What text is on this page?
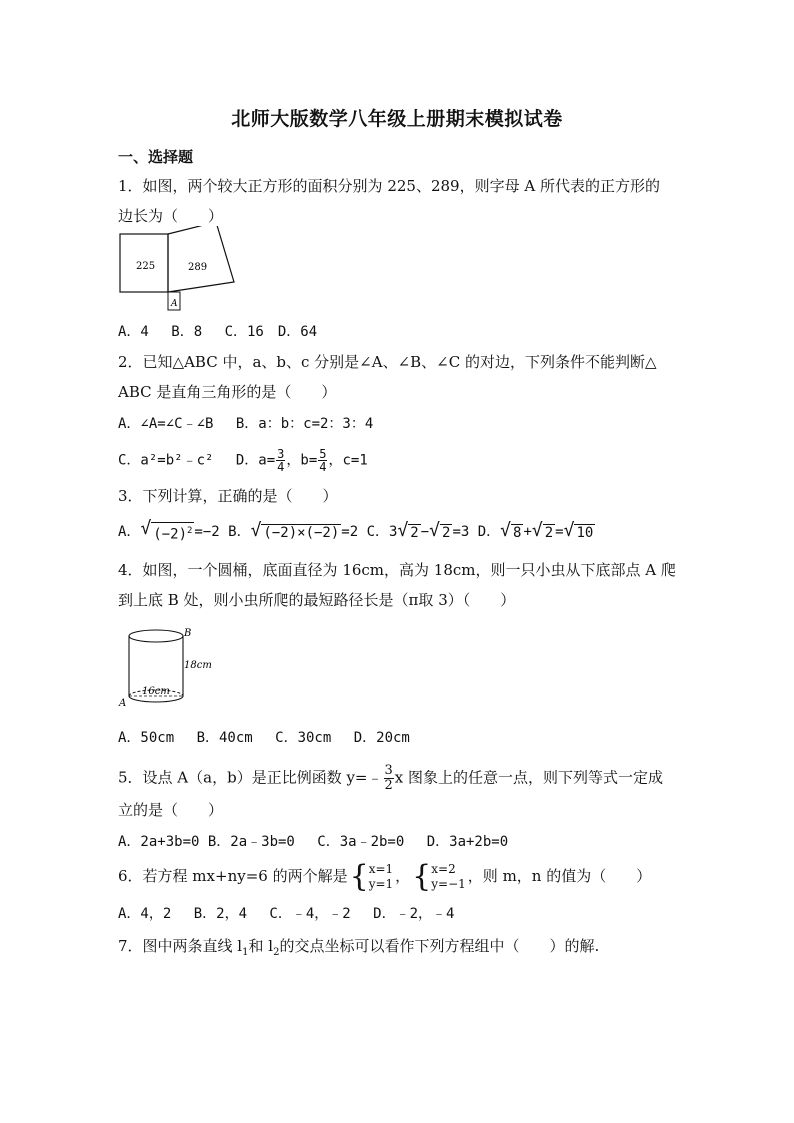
北师大版数学八年级上册期末模拟试卷
一、选择题
1．如图，两个较大正方形的面积分别为 225、289，则字母 A 所代表的正方形的
边长为（　　）
225	289
A
A．4　 B．8　 C．16　D．64
2．已知△ABC 中，a、b、c 分别是∠A、∠B、∠C 的对边，下列条件不能判断△
ABC 是直角三角形的是（　　）
A．∠A=∠C﹣∠B　 B．a：b：c=2：3：4
C．a²=b²﹣c²　 D．$a= \frac{3}{4}$ ，$b= \frac{5}{4}$ ，c=1
3．下列计算，正确的是（　　）
A． √ $(-2)^2 =-2$ B． √ (−2)×(−2) =2 C．3 √ 2 − √ 2 =3 D． √ 8 + √ 2 = √ 10
4．如图，一个圆桶，底面直径为 16cm，高为 18cm，则一只小虫从下底部点 A 爬
到上底 B 处，则小虫所爬的最短路径长是（π取 3）（　　）
B
18cm
16cm
A
A．50cm　 B．40cm　 C．30cm　 D．20cm
5．设点 A（a，b）是正比例函数 y=﹣ $\frac{3}{2}$ x 图象上的任意一点，则下列等式一定成
立的是（　　）
A．2a+3b=0 B．2a﹣3b=0　 C．3a﹣2b=0　 D．3a+2b=0
6．若方程 mx+ny=6 的两个解是 { x=1
y=1 ， { x=2
y=−1 ，则 m，n 的值为（　　）
A．4，2　 B．2，4　 C．﹣4，﹣2　 D．﹣2，﹣4
7．图中两条直线 $l_1$和 $l_2$的交点坐标可以看作下列方程组中（　　）的解.
